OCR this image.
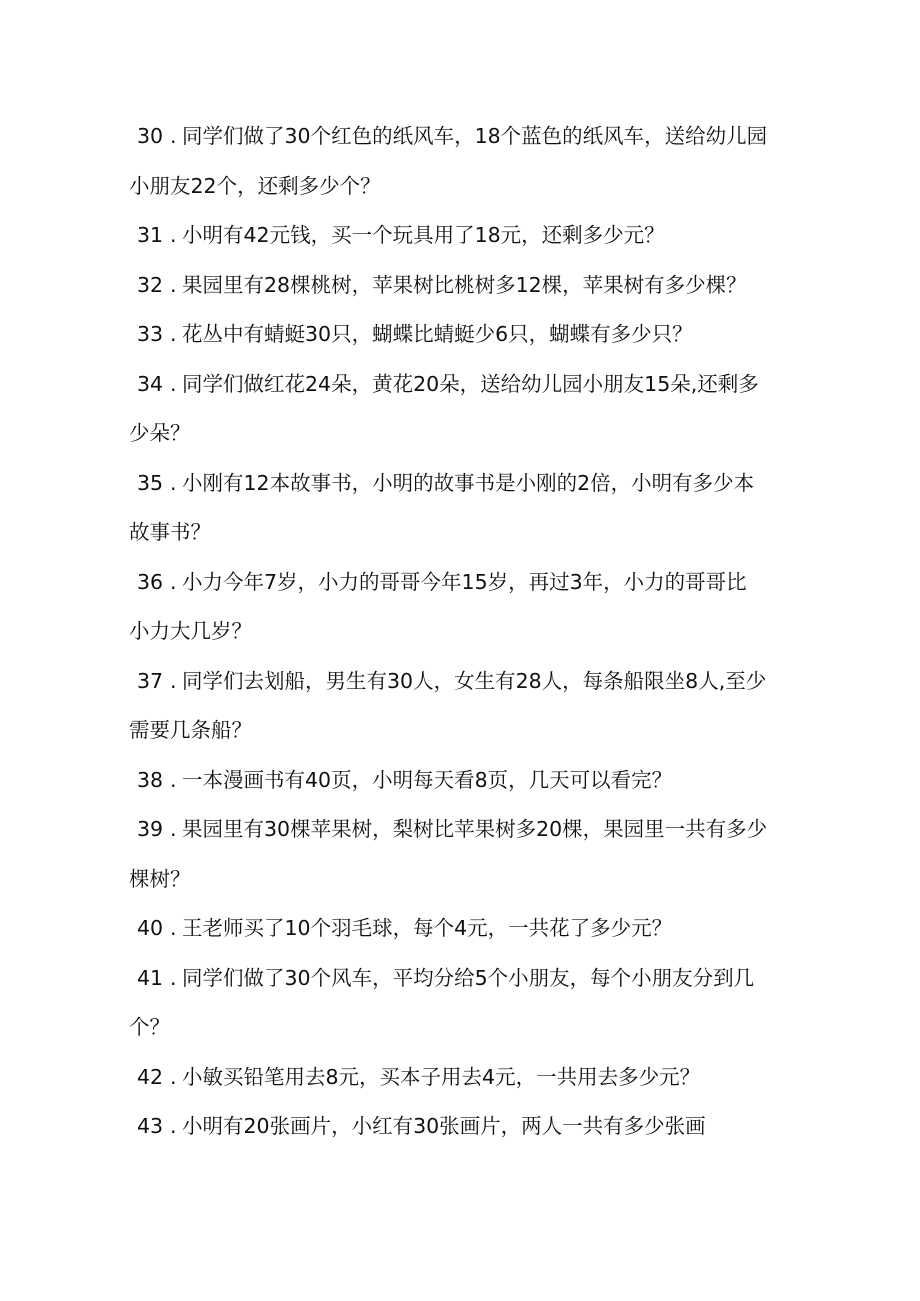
30 . 同学们做了30个红色的纸风车，18个蓝色的纸风车，送给幼儿园
小朋友22个，还剩多少个？
31 . 小明有42元钱，买一个玩具用了18元，还剩多少元？
32 . 果园里有28棵桃树，苹果树比桃树多12棵，苹果树有多少棵？
33 . 花丛中有蜻蜓30只，蝴蝶比蜻蜓少6只，蝴蝶有多少只？
34 . 同学们做红花24朵，黄花20朵，送给幼儿园小朋友15朵,还剩多
少朵？
35 . 小刚有12本故事书，小明的故事书是小刚的2倍，小明有多少本
故事书？
36 . 小力今年7岁，小力的哥哥今年15岁，再过3年，小力的哥哥比
小力大几岁？
37 . 同学们去划船，男生有30人，女生有28人，每条船限坐8人,至少
需要几条船？
38 . 一本漫画书有40页，小明每天看8页，几天可以看完？
39 . 果园里有30棵苹果树，梨树比苹果树多20棵，果园里一共有多少
棵树？
40 . 王老师买了10个羽毛球，每个4元，一共花了多少元？
41 . 同学们做了30个风车，平均分给5个小朋友，每个小朋友分到几
个？
42 . 小敏买铅笔用去8元，买本子用去4元，一共用去多少元？
43 . 小明有20张画片，小红有30张画片，两人一共有多少张画
